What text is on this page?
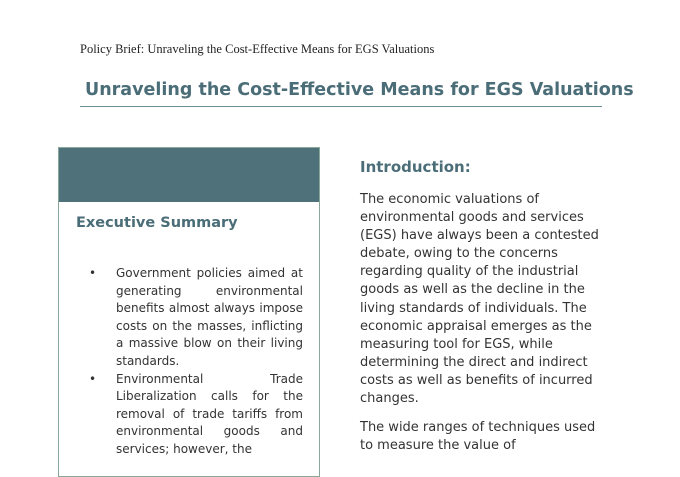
Policy Brief: Unraveling the Cost-Effective Means for EGS Valuations
Unraveling the Cost-Effective Means for EGS Valuations
Executive Summary
• Government policies aimed at generating environmental benefits almost always impose costs on the masses, inflicting a massive blow on their living standards.
• Environmental Trade Liberalization calls for the removal of trade tariffs from environmental goods and services; however, the
Introduction:

The economic valuations of environmental goods and services (EGS) have always been a contested debate, owing to the concerns regarding quality of the industrial goods as well as the decline in the living standards of individuals. The economic appraisal emerges as the measuring tool for EGS, while determining the direct and indirect costs as well as benefits of incurred changes.

The wide ranges of techniques used to measure the value of
